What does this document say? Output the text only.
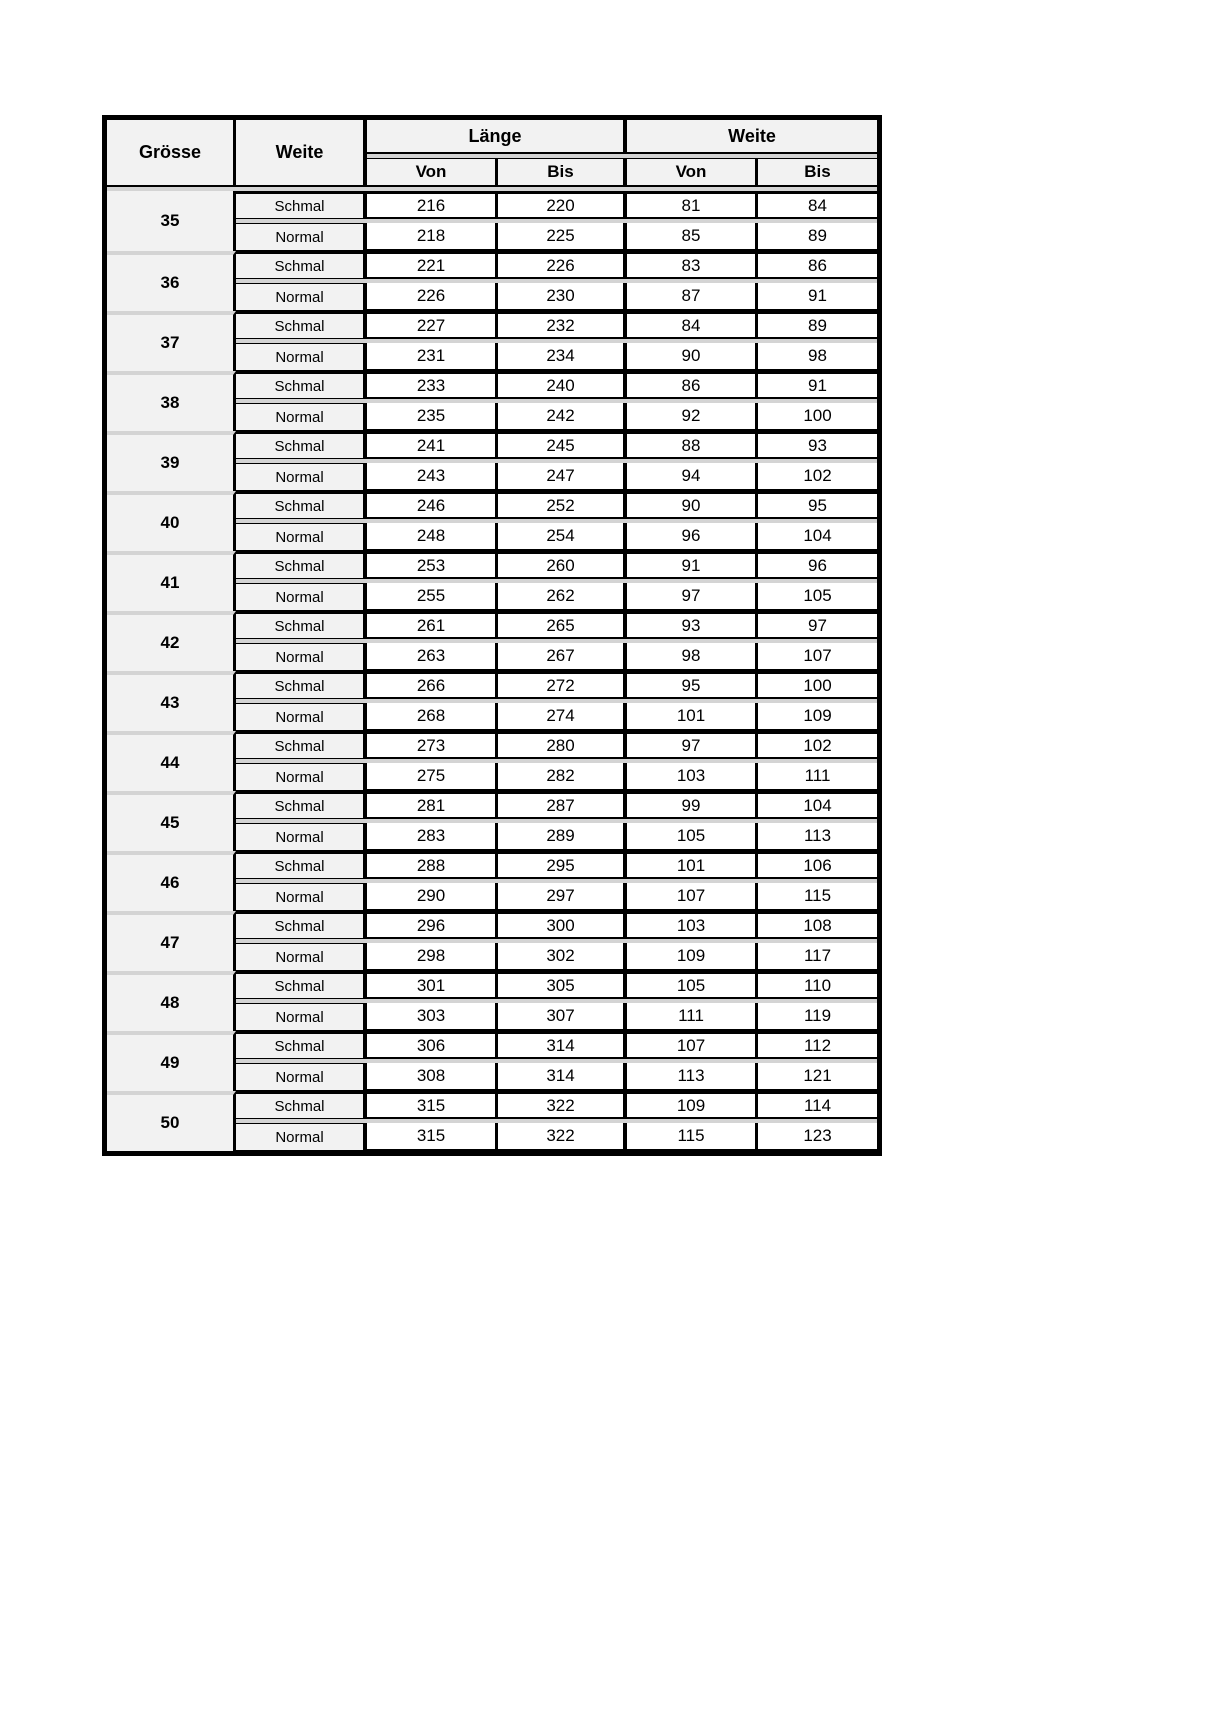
Grösse	Weite
Länge	Weite
Von	Bis	Von	Bis
35
Schmal	216	220	81	84
Normal	218	225	85	89
36
Schmal	221	226	83	86
Normal	226	230	87	91
37
Schmal	227	232	84	89
Normal	231	234	90	98
38
Schmal	233	240	86	91
Normal	235	242	92	100
39
Schmal	241	245	88	93
Normal	243	247	94	102
40
Schmal	246	252	90	95
Normal	248	254	96	104
41
Schmal	253	260	91	96
Normal	255	262	97	105
42
Schmal	261	265	93	97
Normal	263	267	98	107
43
Schmal	266	272	95	100
Normal	268	274	101	109
44
Schmal	273	280	97	102
Normal	275	282	103	111
45
Schmal	281	287	99	104
Normal	283	289	105	113
46
Schmal	288	295	101	106
Normal	290	297	107	115
47
Schmal	296	300	103	108
Normal	298	302	109	117
48
Schmal	301	305	105	110
Normal	303	307	111	119
49
Schmal	306	314	107	112
Normal	308	314	113	121
50
Schmal	315	322	109	114
Normal	315	322	115	123
